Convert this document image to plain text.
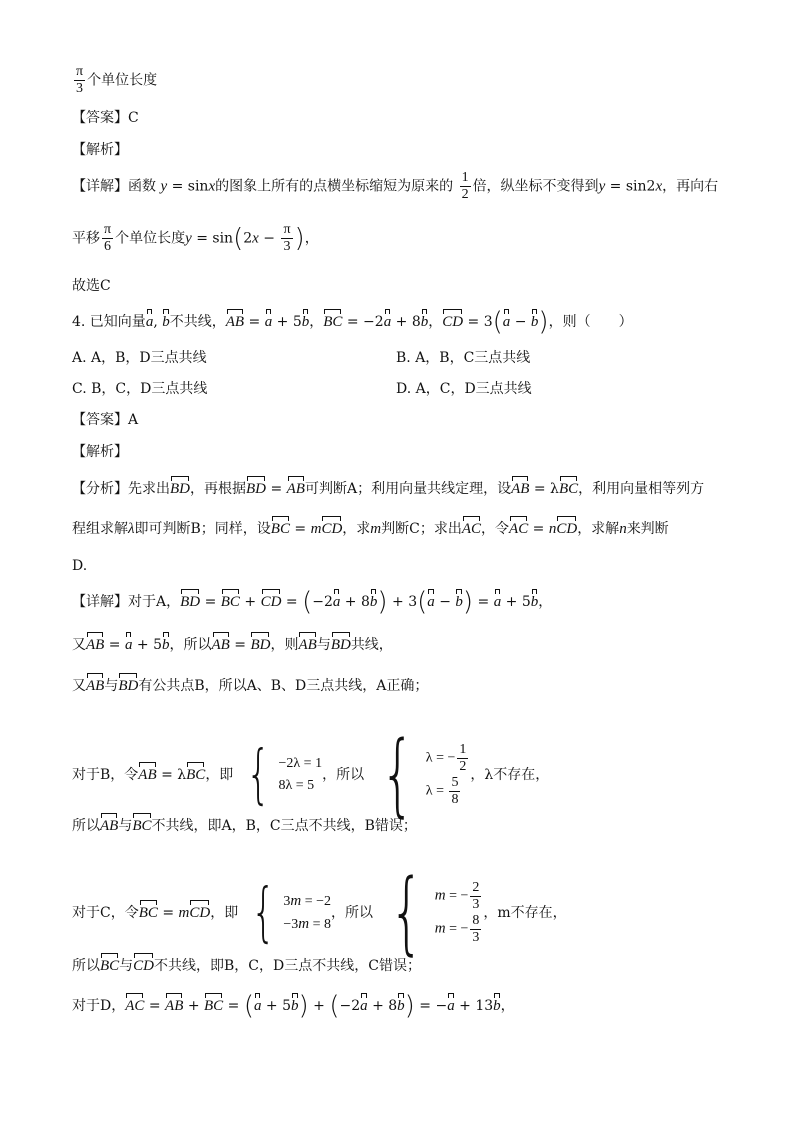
$\frac{\pi}{3}$ 个单位长度
【答案】C
【解析】
【详解】函数 y = sinx的图象上所有的点横坐标缩短为原来的 $\frac{1}{2}$ 倍，纵坐标不变得到y = sin2x，再向右
平移 $\frac{\pi}{6}$ 个单位长度$y = \sin(2x - \frac{\pi}{3}$ )，
故选C
4. 已知向量a, b不共线，AB = a + 5b，BC = −2a + 8b，CD = 3(a − b)，则（　　）
A. A，B，D三点共线	B. A，B，C三点共线
C. B，C，D三点共线	D. A，C，D三点共线
【答案】A
【解析】
【分析】先求出BD，再根据BD = AB可判断A；利用向量共线定理，设AB = λBC，利用向量相等列方
程组求解λ即可判断B；同样，设BC = mCD，求m判断C；求出AC，令AC = nCD，求解n来判断
D.
【详解】对于A，BD = BC + CD = (−2a + 8b) + 3(a − b) = a + 5b，
又AB = a + 5b，所以AB = BD，则AB与BD共线，
又AB与BD有公共点B，所以A、B、D三点共线，A正确；
对于B，令AB = λBC，即 { −2λ = 1
8λ = 5
，所以 { λ = − $\frac{1}{2}$
$\lambda = \frac{5}{8}$ ，λ不存在，
所以AB与BC不共线，即A，B，C三点不共线，B错误；
对于C，令BC = mCD，即 { 3m = −2
−3m = 8
，所以 { m = − $\frac{2}{3}$
m = − $\frac{8}{3}$ ，m不存在，
所以BC与CD不共线，即B，C，D三点不共线，C错误；
对于D，AC = AB + BC = (a + 5b) + (−2a + 8b) = −a + 13b，
